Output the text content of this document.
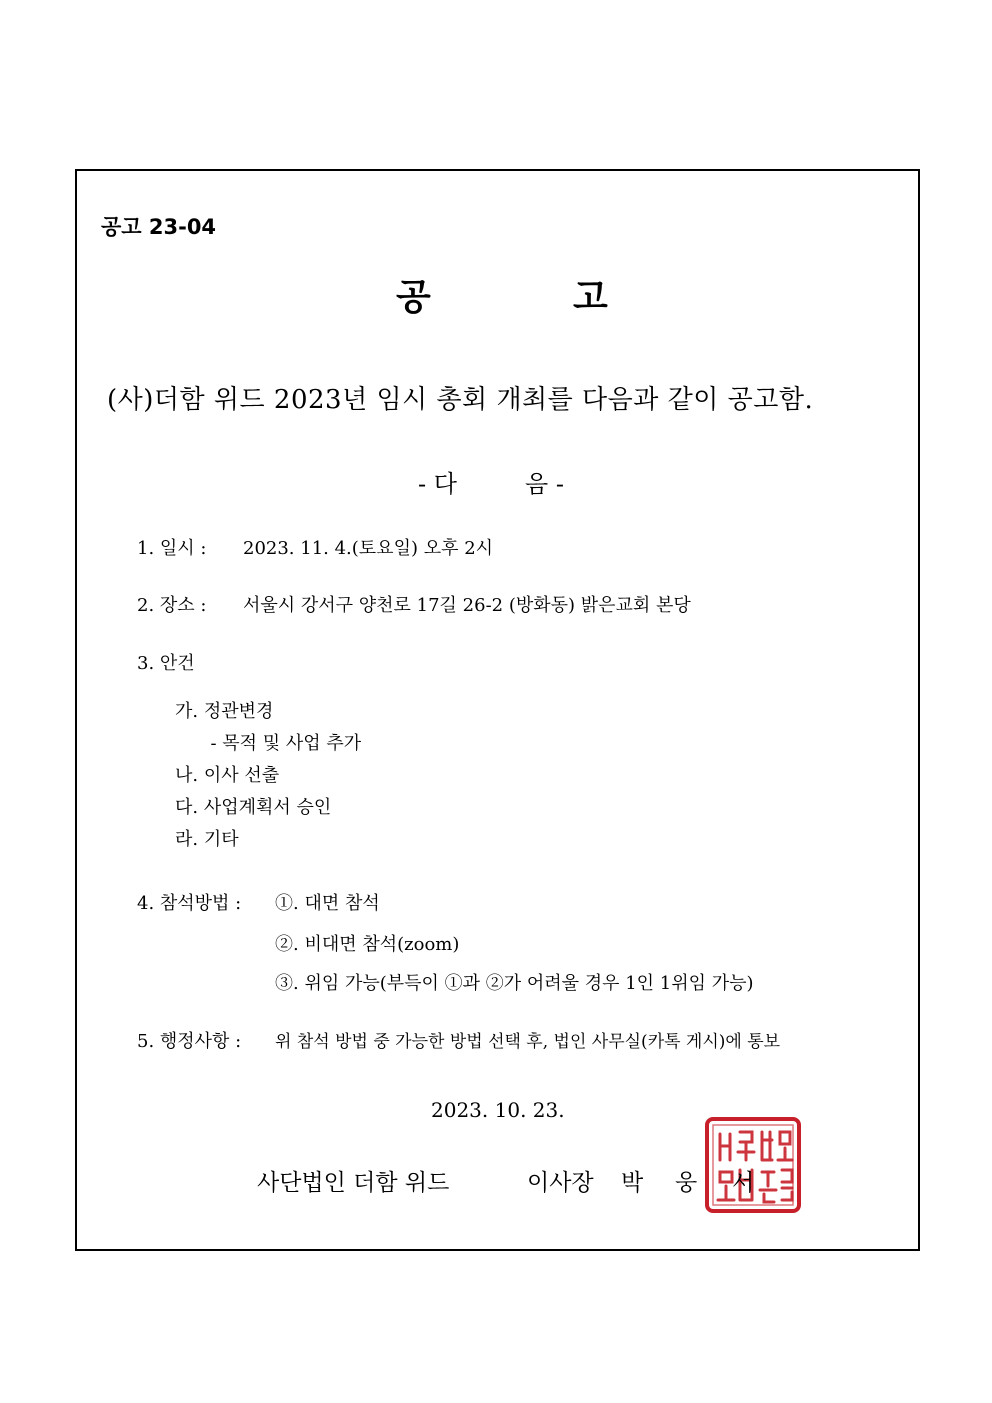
공고 23-04
공	고
(사)더함 위드 2023년 임시 총회 개최를 다음과 같이 공고함.
- 다	음 -
1. 일시 : 2023. 11. 4.(토요일) 오후 2시
2. 장소 : 서울시 강서구 양천로 17길 26-2 (방화동) 밝은교회 본당
3. 안건
가. 정관변경
- 목적 및 사업 추가
나. 이사 선출
다. 사업계획서 승인
라. 기타
4. 참석방법 : ①. 대면 참석
②. 비대면 참석(zoom)
③. 위임 가능(부득이 ①과 ②가 어려울 경우 1인 1위임 가능)
5. 행정사항 : 위 참석 방법 중 가능한 방법 선택 후, 법인 사무실(카톡 게시)에 통보
2023. 10. 23.
사단법인 더함 위드	이사장 박 웅 서
